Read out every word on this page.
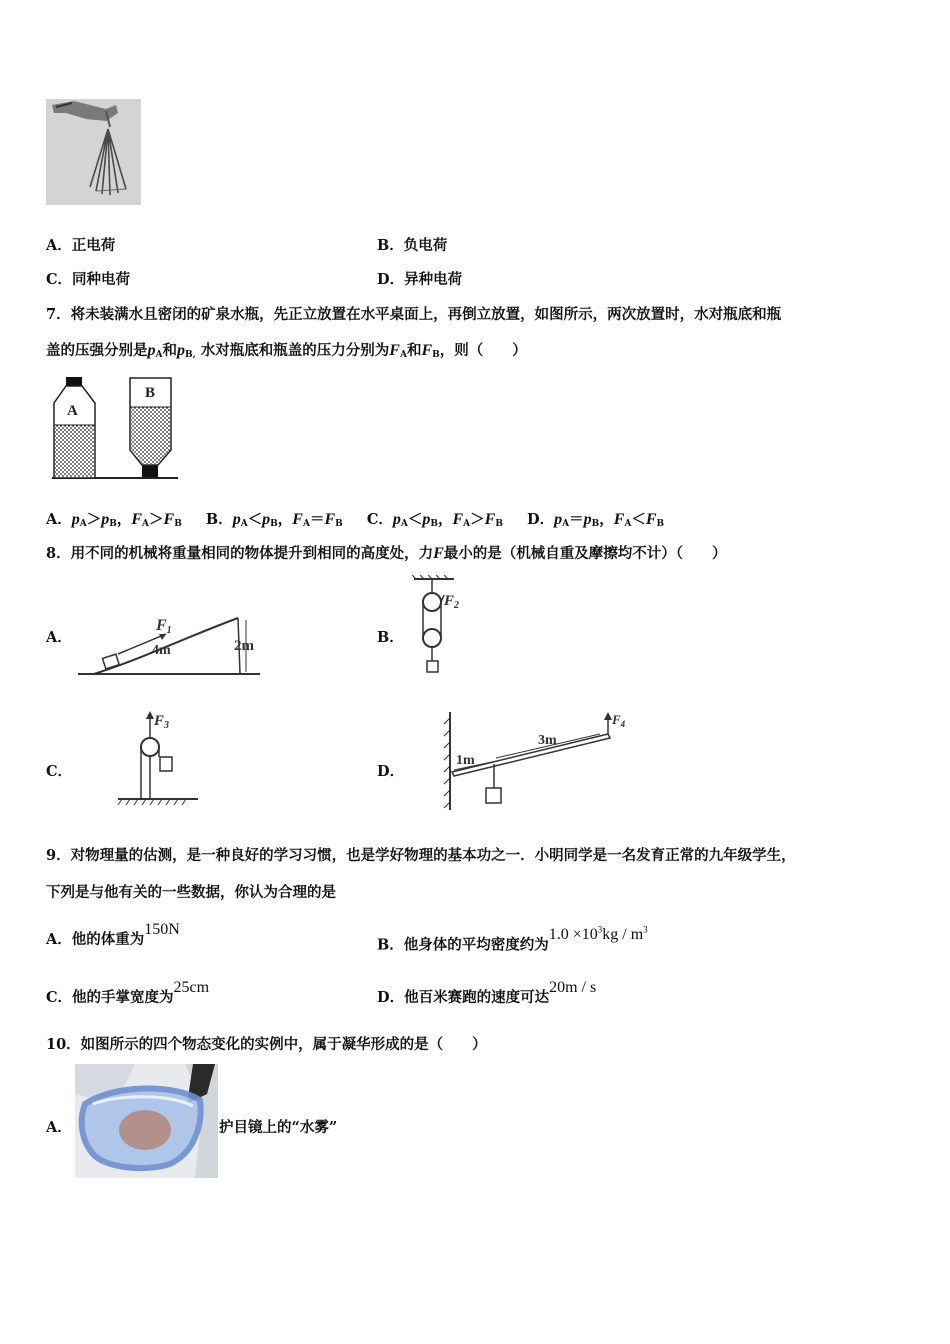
A．正电荷	B．负电荷
C．同种电荷	D．异种电荷
7．将未装满水且密闭的矿泉水瓶，先正立放置在水平桌面上，再倒立放置，如图所示，两次放置时，水对瓶底和瓶
盖的压强分别是$p_A$和$p_{B,}$ 水对瓶底和瓶盖的压力分别为$F_A$和$F_B$，则（　　）
A
B
A．$p_A>p_B$，$F_A>F_B$ B．$p_A<p_B$，$F_A=F_B$ C．$p_A<p_B$，$F_A>F_B$ D．$p_A=p_B$，$F_A<F_B$
8．用不同的机械将重量相同的物体提升到相同的高度处，力F最小的是（机械自重及摩擦均不计）（　　）
A．	B．
C．	D．
F1
4m	2m
$F_2$
$F_3$	$F_4$
3m
1m
9．对物理量的估测，是一种良好的学习习惯，也是学好物理的基本功之一．小明同学是一名发育正常的九年级学生，
下列是与他有关的一些数据，你认为合理的是
A．他的体重为150N
B．他身体的平均密度约为$1.0 \times 10^3kg / m^3$
C．他的手掌宽度为25cm
D．他百米赛跑的速度可达20m / s
10．如图所示的四个物态变化的实例中，属于凝华形成的是（　　）
A．	护目镜上的“水雾”
